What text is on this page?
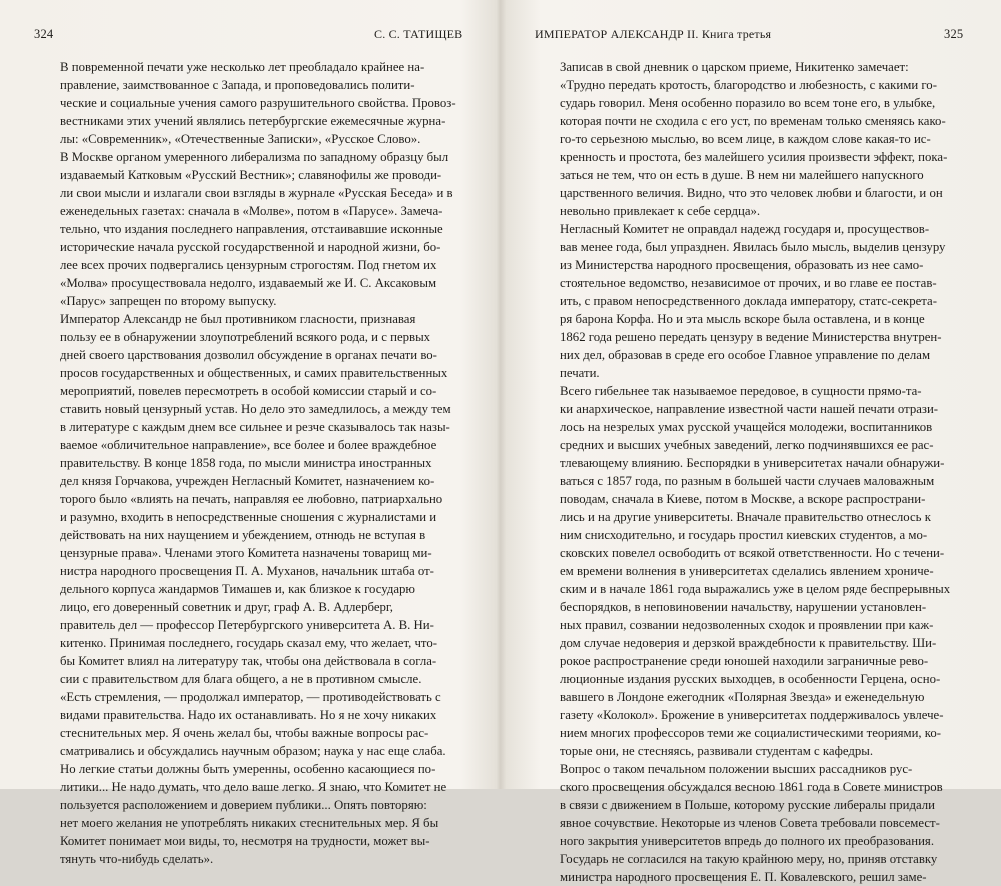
324	С. С. ТАТИЩЕВ

В повременной печати уже несколько лет преобладало крайнее на-
правление, заимствованное с Запада, и проповедовались полити-
ческие и социальные учения самого разрушительного свойства. Провоз-
вестниками этих учений являлись петербургские ежемесячные журна-
лы: «Современник», «Отечественные Записки», «Русское Слово».
В Москве органом умеренного либерализма по западному образцу был
издаваемый Катковым «Русский Вестник»; славянофилы же проводи-
ли свои мысли и излагали свои взгляды в журнале «Русская Беседа» и в
еженедельных газетах: сначала в «Молве», потом в «Парусе». Замеча-
тельно, что издания последнего направления, отстаивавшие исконные
исторические начала русской государственной и народной жизни, бо-
лее всех прочих подвергались цензурным строгостям. Под гнетом их
«Молва» просуществовала недолго, издаваемый же И. С. Аксаковым
«Парус» запрещен по второму выпуску.

Император Александр не был противником гласности, признавая
пользу ее в обнаружении злоупотреблений всякого рода, и с первых
дней своего царствования дозволил обсуждение в органах печати во-
просов государственных и общественных, и самих правительственных
мероприятий, повелев пересмотреть в особой комиссии старый и со-
ставить новый цензурный устав. Но дело это замедлилось, а между тем
в литературе с каждым днем все сильнее и резче сказывалось так назы-
ваемое «обличительное направление», все более и более враждебное
правительству. В конце 1858 года, по мысли министра иностранных
дел князя Горчакова, учрежден Негласный Комитет, назначением ко-
торого было «влиять на печать, направляя ее любовно, патриархально
и разумно, входить в непосредственные сношения с журналистами и
действовать на них наущением и убеждением, отнюдь не вступая в
цензурные права». Членами этого Комитета назначены товарищ ми-
нистра народного просвещения П. А. Муханов, начальник штаба от-
дельного корпуса жандармов Тимашев и, как близкое к государю
лицо, его доверенный советник и друг, граф А. В. Адлерберг,
правитель дел — профессор Петербургского университета А. В. Ни-
китенко. Принимая последнего, государь сказал ему, что желает, что-
бы Комитет влиял на литературу так, чтобы она действовала в согла-
сии с правительством для блага общего, а не в противном смысле.
«Есть стремления, — продолжал император, — противодействовать с
видами правительства. Надо их останавливать. Но я не хочу никаких
стеснительных мер. Я очень желал бы, чтобы важные вопросы рас-
сматривались и обсуждались научным образом; наука у нас еще слаба.
Но легкие статьи должны быть умеренны, особенно касающиеся по-
литики... Не надо думать, что дело ваше легко. Я знаю, что Комитет не
пользуется расположением и доверием публики... Опять повторяю:
нет моего желания не употреблять никаких стеснительных мер. Я бы
Комитет понимает мои виды, то, несмотря на трудности, может вы-
тянуть что-нибудь сделать».

ИМПЕРАТОР АЛЕКСАНДР II. Книга третья	325

Записав в свой дневник о царском приеме, Никитенко замечает:
«Трудно передать кротость, благородство и любезность, с какими го-
сударь говорил. Меня особенно поразило во всем тоне его, в улыбке,
которая почти не сходила с его уст, по временам только сменяясь како-
го-то серьезною мыслью, во всем лице, в каждом слове какая-то ис-
кренность и простота, без малейшего усилия произвести эффект, пока-
заться не тем, что он есть в душе. В нем ни малейшего напускного
царственного величия. Видно, что это человек любви и благости, и он
невольно привлекает к себе сердца».

Негласный Комитет не оправдал надежд государя и, просуществов-
вав менее года, был упразднен. Явилась было мысль, выделив цензуру
из Министерства народного просвещения, образовать из нее само-
стоятельное ведомство, независимое от прочих, и во главе ее постав-
ить, с правом непосредственного доклада императору, статс-секрета-
ря барона Корфа. Но и эта мысль вскоре была оставлена, и в конце
1862 года решено передать цензуру в ведение Министерства внутрен-
них дел, образовав в среде его особое Главное управление по делам
печати.

Всего гибельнее так называемое передовое, в сущности прямо-та-
ки анархическое, направление известной части нашей печати отрази-
лось на незрелых умах русской учащейся молодежи, воспитанников
средних и высших учебных заведений, легко подчинявшихся ее рас-
тлевающему влиянию. Беспорядки в университетах начали обнаружи-
ваться с 1857 года, по разным в большей части случаев маловажным
поводам, сначала в Киеве, потом в Москве, а вскоре распространи-
лись и на другие университеты. Вначале правительство отнеслось к
ним снисходительно, и государь простил киевских студентов, а мо-
сковских повелел освободить от всякой ответственности. Но с течени-
ем времени волнения в университетах сделались явлением хрониче-
ским и в начале 1861 года выражались уже в целом ряде беспрерывных
беспорядков, в неповиновении начальству, нарушении установлен-
ных правил, созвании недозволенных сходок и проявлении при каж-
дом случае недоверия и дерзкой враждебности к правительству. Ши-
рокое распространение среди юношей находили заграничные рево-
люционные издания русских выходцев, в особенности Герцена, осно-
вавшего в Лондоне ежегодник «Полярная Звезда» и еженедельную
газету «Колокол». Брожение в университетах поддерживалось увлече-
нием многих профессоров теми же социалистическими теориями, ко-
торые они, не стесняясь, развивали студентам с кафедры.

Вопрос о таком печальном положении высших рассадников рус-
ского просвещения обсуждался весною 1861 года в Совете министров
в связи с движением в Польше, которому русские либералы придали
явное сочувствие. Некоторые из членов Совета требовали повсемест-
ного закрытия университетов впредь до полного их преобразования.
Государь не согласился на такую крайнюю меру, но, приняв отставку
министра народного просвещения Е. П. Ковалевского, решил заме-
